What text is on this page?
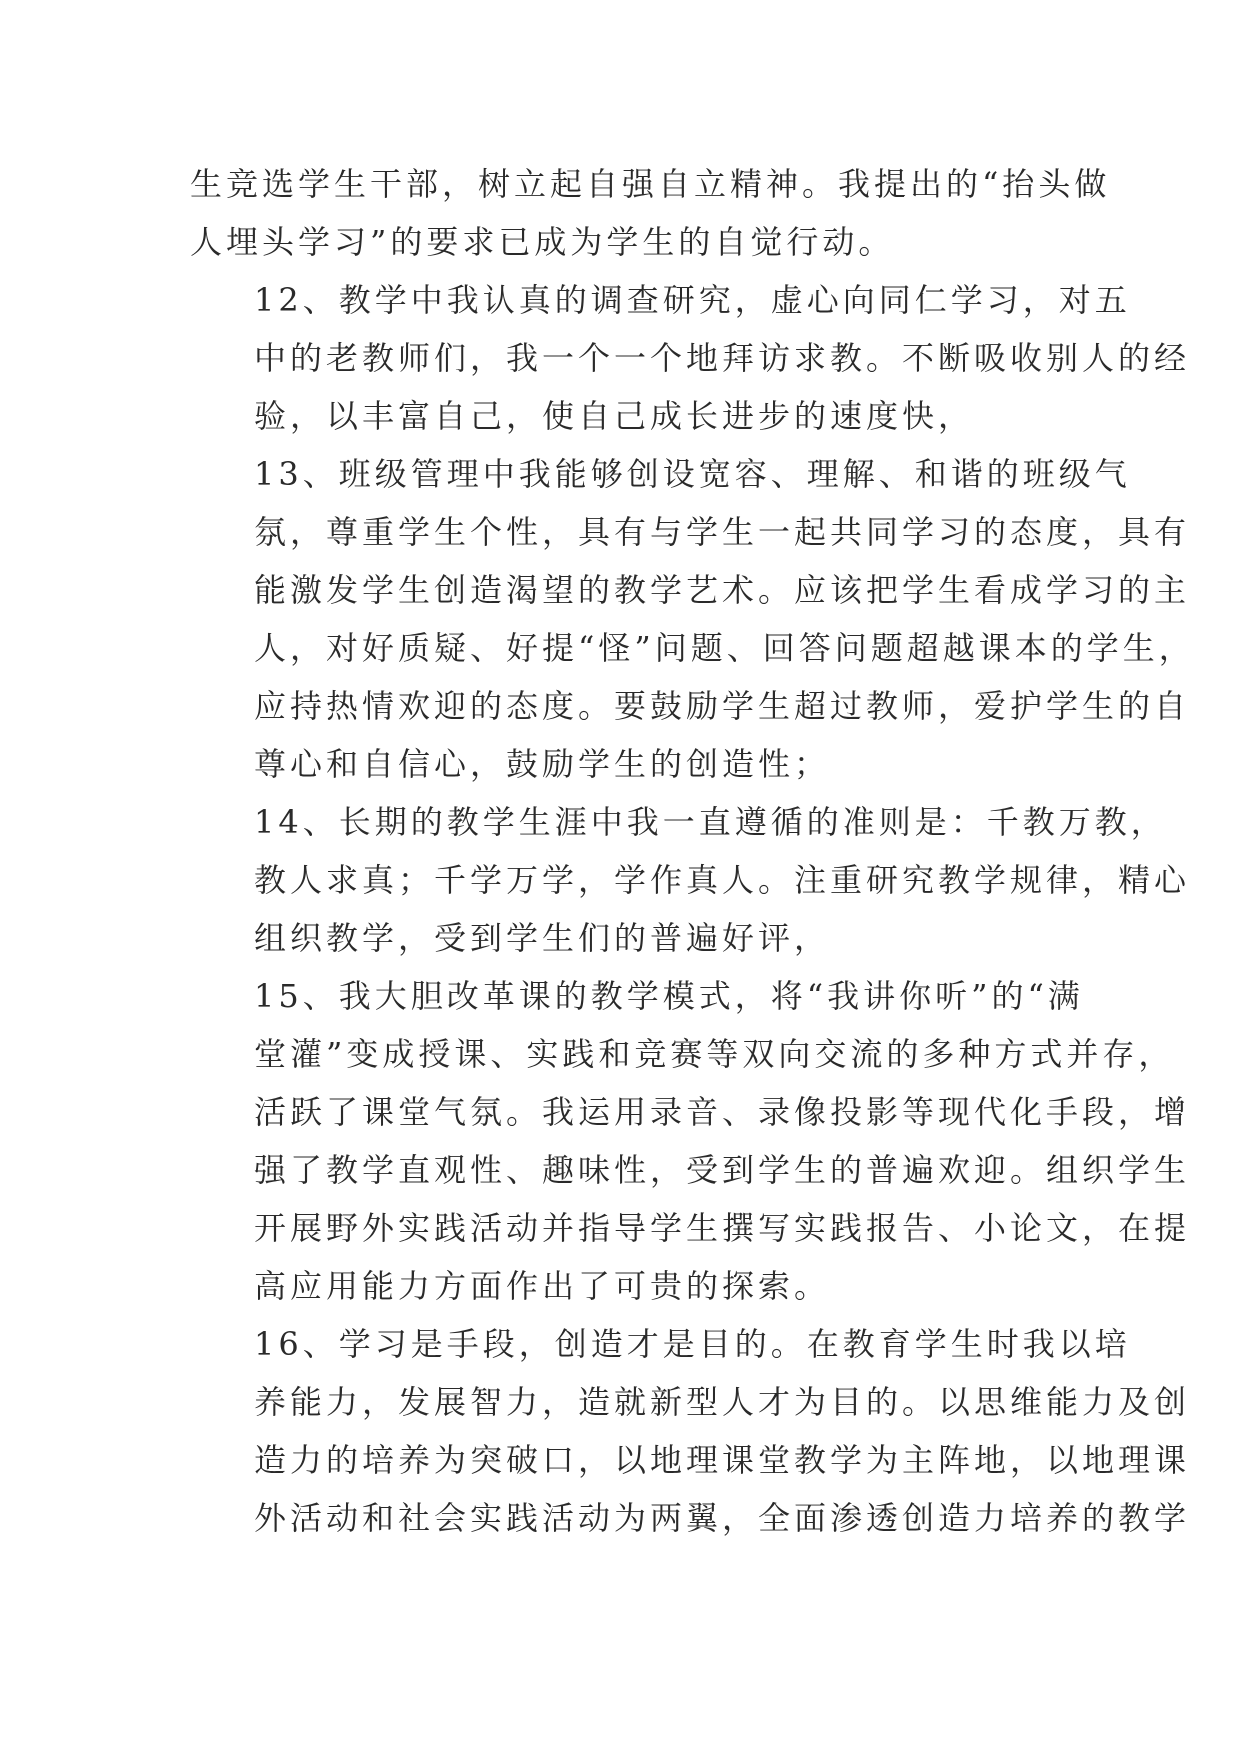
生竞选学生干部，树立起自强自立精神。我提出的“抬头做
人埋头学习”的要求已成为学生的自觉行动。

12、教学中我认真的调查研究，虚心向同仁学习，对五
中的老教师们，我一个一个地拜访求教。不断吸收别人的经
验，以丰富自己，使自己成长进步的速度快，

13、班级管理中我能够创设宽容、理解、和谐的班级气
氛，尊重学生个性，具有与学生一起共同学习的态度，具有
能激发学生创造渴望的教学艺术。应该把学生看成学习的主
人，对好质疑、好提“怪”问题、回答问题超越课本的学生，
应持热情欢迎的态度。要鼓励学生超过教师，爱护学生的自
尊心和自信心，鼓励学生的创造性；

14、长期的教学生涯中我一直遵循的准则是：千教万教，
教人求真；千学万学，学作真人。注重研究教学规律，精心
组织教学，受到学生们的普遍好评，

15、我大胆改革课的教学模式，将“我讲你听”的“满
堂灌”变成授课、实践和竞赛等双向交流的多种方式并存，
活跃了课堂气氛。我运用录音、录像投影等现代化手段，增
强了教学直观性、趣味性，受到学生的普遍欢迎。组织学生
开展野外实践活动并指导学生撰写实践报告、小论文，在提
高应用能力方面作出了可贵的探索。

16、学习是手段，创造才是目的。在教育学生时我以培
养能力，发展智力，造就新型人才为目的。以思维能力及创
造力的培养为突破口，以地理课堂教学为主阵地，以地理课
外活动和社会实践活动为两翼，全面渗透创造力培养的教学
